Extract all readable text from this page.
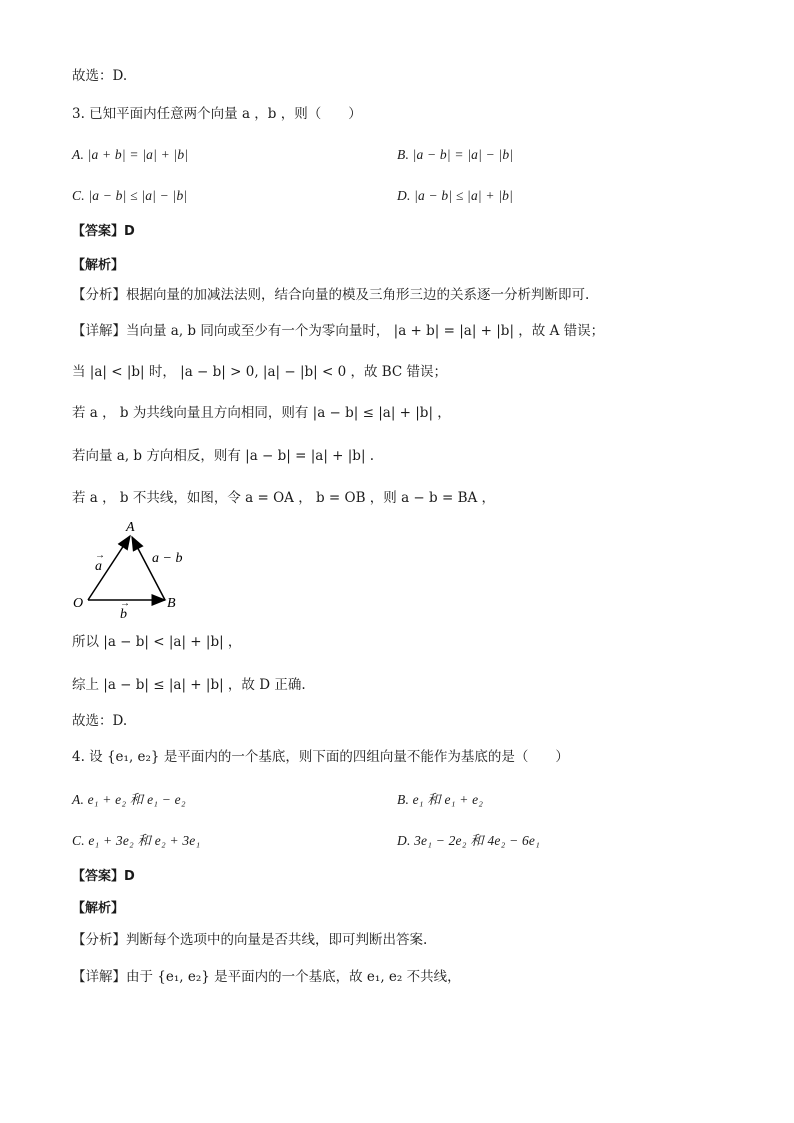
故选：D.
3. 已知平面内任意两个向量 a ，b ，则（　　）
A. |a + b| = |a| + |b|	B. |a − b| = |a| − |b|
C. |a − b| ≤ |a| − |b|	D. |a − b| ≤ |a| + |b|
【答案】D
【解析】
【分析】根据向量的加减法法则，结合向量的模及三角形三边的关系逐一分析判断即可.
【详解】当向量 a, b 同向或至少有一个为零向量时， |a + b| = |a| + |b| ，故 A 错误；
当 |a| < |b| 时， |a − b| > 0, |a| − |b| < 0 ，故 BC 错误；
若 a ， b 为共线向量且方向相同，则有 |a − b| ≤ |a| + |b| ，
若向量 a, b 方向相反，则有 |a − b| = |a| + |b| .
若 a ， b 不共线，如图，令 a = OA ， b = OB ，则 a − b = BA ，
A
O	B
a
→	a − b
b
→
所以 |a − b| < |a| + |b| ，
综上 |a − b| ≤ |a| + |b| ，故 D 正确.
故选：D.
4. 设 {e₁, e₂} 是平面内的一个基底，则下面的四组向量不能作为基底的是（　　）
A. e₁ + e₂ 和 e₁ − e₂	B. e₁ 和 e₁ + e₂
C. e₁ + 3e₂ 和 e₂ + 3e₁	D. 3e₁ − 2e₂ 和 4e₂ − 6e₁
【答案】D
【解析】
【分析】判断每个选项中的向量是否共线，即可判断出答案.
【详解】由于 {e₁, e₂} 是平面内的一个基底，故 e₁, e₂ 不共线，
